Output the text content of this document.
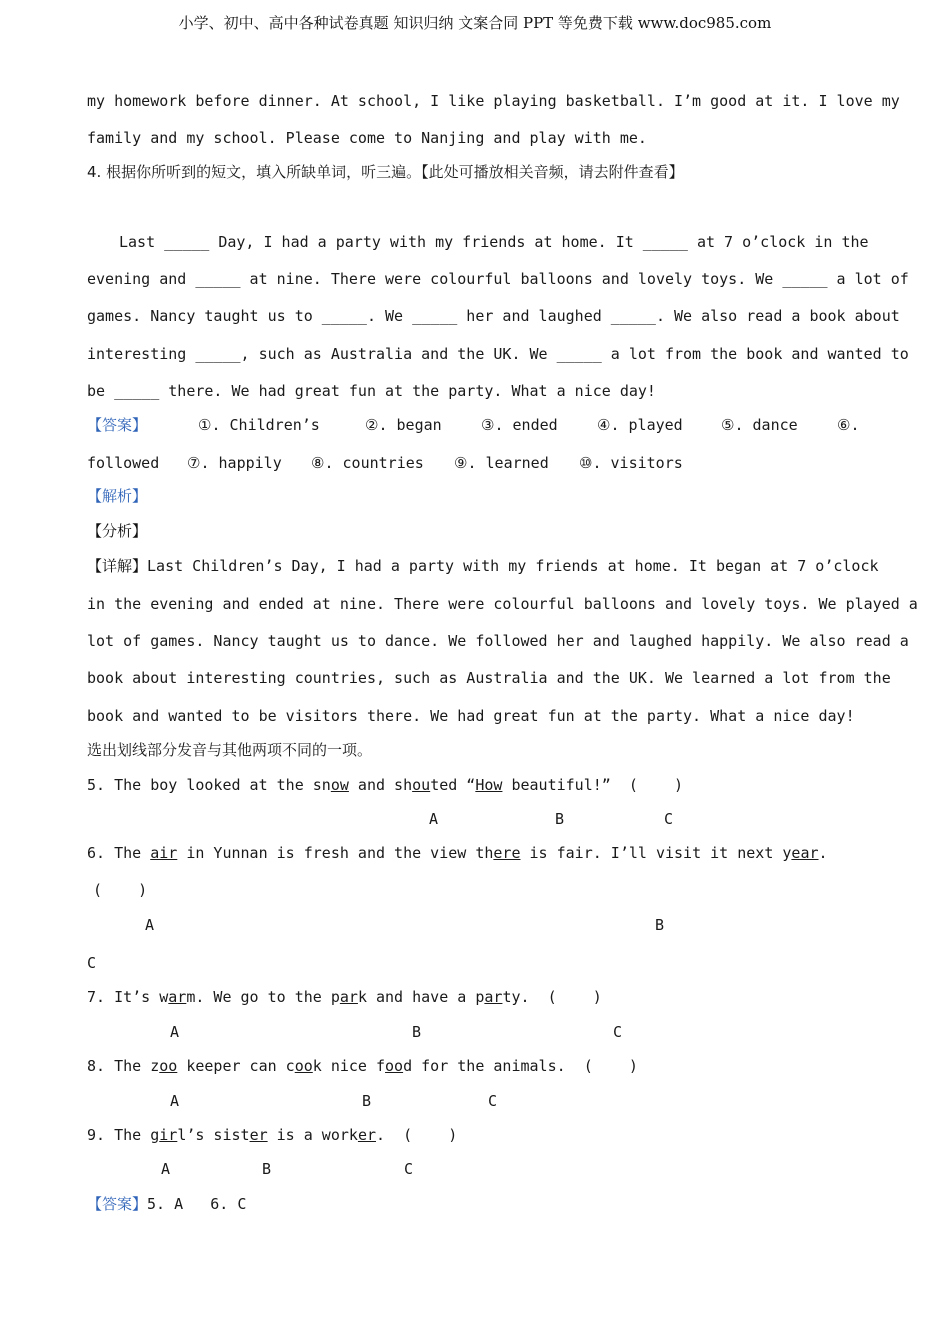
小学、初中、高中各种试卷真题 知识归纳 文案合同 PPT 等免费下载 www.doc985.com
my homework before dinner. At school, I like playing basketball. I’m good at it. I love my
family and my school. Please come to Nanjing and play with me.
4. 根据你所听到的短文，填入所缺单词，听三遍。【此处可播放相关音频，请去附件查看】
Last _____ Day, I had a party with my friends at home. It _____ at 7 o’clock in the
evening and _____ at nine. There were colourful balloons and lovely toys. We _____ a lot of
games. Nancy taught us to _____. We _____ her and laughed _____. We also read a book about
interesting _____, such as Australia and the UK. We _____ a lot from the book and wanted to
be _____ there. We had great fun at the party. What a nice day!
【答案】	①. Children’s	②. began	③. ended	④. played	⑤. dance	⑥.
followed ⑦. happily ⑧. countries ⑨. learned ⑩. visitors
【解析】
【分析】
【详解】Last Children’s Day, I had a party with my friends at home. It began at 7 o’clock
in the evening and ended at nine. There were colourful balloons and lovely toys. We played a
lot of games. Nancy taught us to dance. We followed her and laughed happily. We also read a
book about interesting countries, such as Australia and the UK. We learned a lot from the
book and wanted to be visitors there. We had great fun at the party. What a nice day!
选出划线部分发音与其他两项不同的一项。
5. The boy looked at the snow and shouted “How beautiful!”  (    )
A	B	C
6. The air in Yunnan is fresh and the view there is fair. I’ll visit it next year.
(    )
A	B
C
7. It’s warm. We go to the park and have a party.  (    )
A	B	C
8. The zoo keeper can cook nice food for the animals.  (    )
A	B	C
9. The girl’s sister is a worker.  (    )
A	B	C
【答案】5. A   6. C
